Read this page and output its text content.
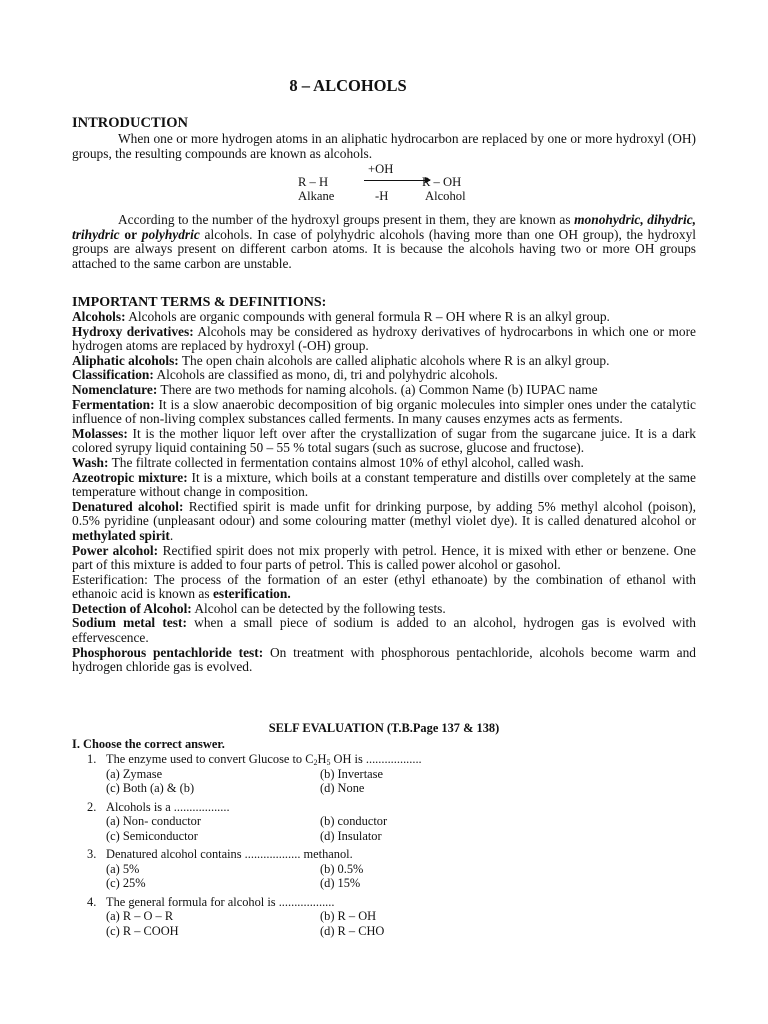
8 – ALCOHOLS
INTRODUCTION
When one or more hydrogen atoms in an aliphatic hydrocarbon are replaced by one or more hydroxyl (OH) groups, the resulting compounds are known as alcohols.
+OH
R – H	R – OH
Alkane	-H	Alcohol
According to the number of the hydroxyl groups present in them, they are known as monohydric, dihydric, trihydric or polyhydric alcohols. In case of polyhydric alcohols (having more than one OH group), the hydroxyl groups are always present on different carbon atoms. It is because the alcohols having two or more OH groups attached to the same carbon are unstable.
IMPORTANT TERMS & DEFINITIONS:

Alcohols: Alcohols are organic compounds with general formula R – OH where R is an alkyl group.

Hydroxy derivatives: Alcohols may be considered as hydroxy derivatives of hydrocarbons in which one or more hydrogen atoms are replaced by hydroxyl (-OH) group.

Aliphatic alcohols: The open chain alcohols are called aliphatic alcohols where R is an alkyl group.

Classification: Alcohols are classified as mono, di, tri and polyhydric alcohols.

Nomenclature: There are two methods for naming alcohols. (a) Common Name (b) IUPAC name

Fermentation: It is a slow anaerobic decomposition of big organic molecules into simpler ones under the catalytic influence of non-living complex substances called ferments. In many causes enzymes acts as ferments.

Molasses: It is the mother liquor left over after the crystallization of sugar from the sugarcane juice. It is a dark colored syrupy liquid containing 50 – 55 % total sugars (such as sucrose, glucose and fructose).

Wash: The filtrate collected in fermentation contains almost 10% of ethyl alcohol, called wash.

Azeotropic mixture: It is a mixture, which boils at a constant temperature and distills over completely at the same temperature without change in composition.

Denatured alcohol: Rectified spirit is made unfit for drinking purpose, by adding 5% methyl alcohol (poison), 0.5% pyridine (unpleasant odour) and some colouring matter (methyl violet dye). It is called denatured alcohol or methylated spirit.

Power alcohol: Rectified spirit does not mix properly with petrol. Hence, it is mixed with ether or benzene. One part of this mixture is added to four parts of petrol. This is called power alcohol or gasohol.

Esterification: The process of the formation of an ester (ethyl ethanoate) by the combination of ethanol with ethanoic acid is known as esterification.

Detection of Alcohol: Alcohol can be detected by the following tests.

Sodium metal test: when a small piece of sodium is added to an alcohol, hydrogen gas is evolved with effervescence.

Phosphorous pentachloride test: On treatment with phosphorous pentachloride, alcohols become warm and hydrogen chloride gas is evolved.

SELF EVALUATION (T.B.Page 137 & 138)
I. Choose the correct answer.
1. The enzyme used to convert Glucose to $C_2H_5$ OH is ..................
(a) Zymase	(b) Invertase
(c) Both (a) & (b)	(d) None
2. Alcohols is a ..................
(a) Non- conductor	(b) conductor
(c) Semiconductor	(d) Insulator
3. Denatured alcohol contains .................. methanol.
(a) 5%	(b) 0.5%
(c) 25%	(d) 15%
4. The general formula for alcohol is ..................
(a) R – O – R	(b) R – OH
(c) R – COOH	(d) R – CHO
